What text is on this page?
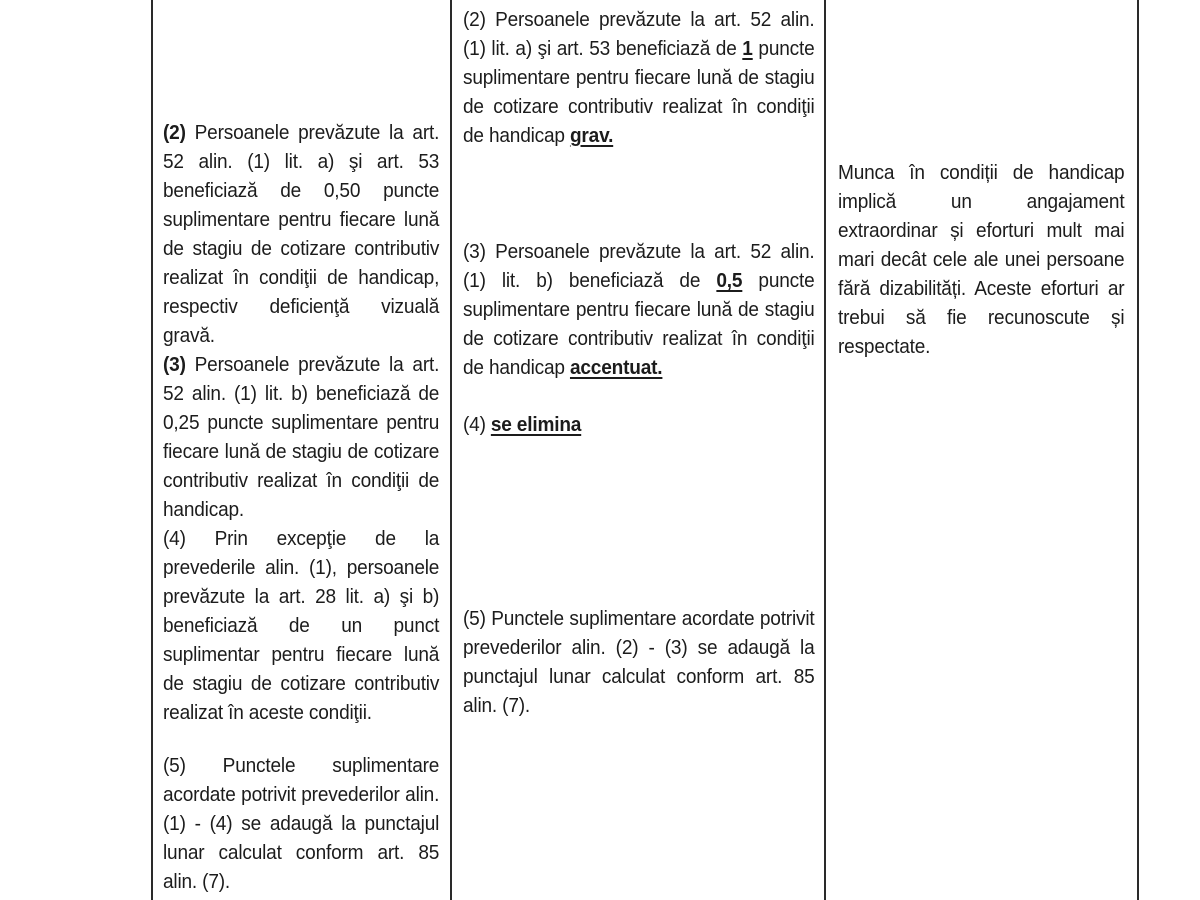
(2) Persoanele prevăzute la art. 52 alin. (1) lit. a) şi art. 53 beneficiază de 0,50 puncte suplimentare pentru fiecare lună de stagiu de cotizare contributiv realizat în condiţii de handicap, respectiv deficienţă vizuală gravă.

(3) Persoanele prevăzute la art. 52 alin. (1) lit. b) beneficiază de 0,25 puncte suplimentare pentru fiecare lună de stagiu de cotizare contributiv realizat în condiţii de handicap.

(4) Prin excepţie de la prevederile alin. (1), persoanele prevăzute la art. 28 lit. a) şi b) beneficiază de un punct suplimentar pentru fiecare lună de stagiu de cotizare contributiv realizat în aceste condiţii.

(5) Punctele suplimentare acordate potrivit prevederilor alin. (1) - (4) se adaugă la punctajul lunar calculat conform art. 85 alin. (7).

(2) Persoanele prevăzute la art. 52 alin. (1) lit. a) şi art. 53 beneficiază de 1 puncte suplimentare pentru fiecare lună de stagiu de cotizare contributiv realizat în condiţii de handicap grav.

(3) Persoanele prevăzute la art. 52 alin. (1) lit. b) beneficiază de 0,5 puncte suplimentare pentru fiecare lună de stagiu de cotizare contributiv realizat în condiţii de handicap accentuat.

(4) se elimina

(5) Punctele suplimentare acordate potrivit prevederilor alin. (2) - (3) se adaugă la punctajul lunar calculat conform art. 85 alin. (7).

Munca în condiții de handicap implică un angajament extraordinar și eforturi mult mai mari decât cele ale unei persoane fără dizabilități. Aceste eforturi ar trebui să fie recunoscute și respectate.
